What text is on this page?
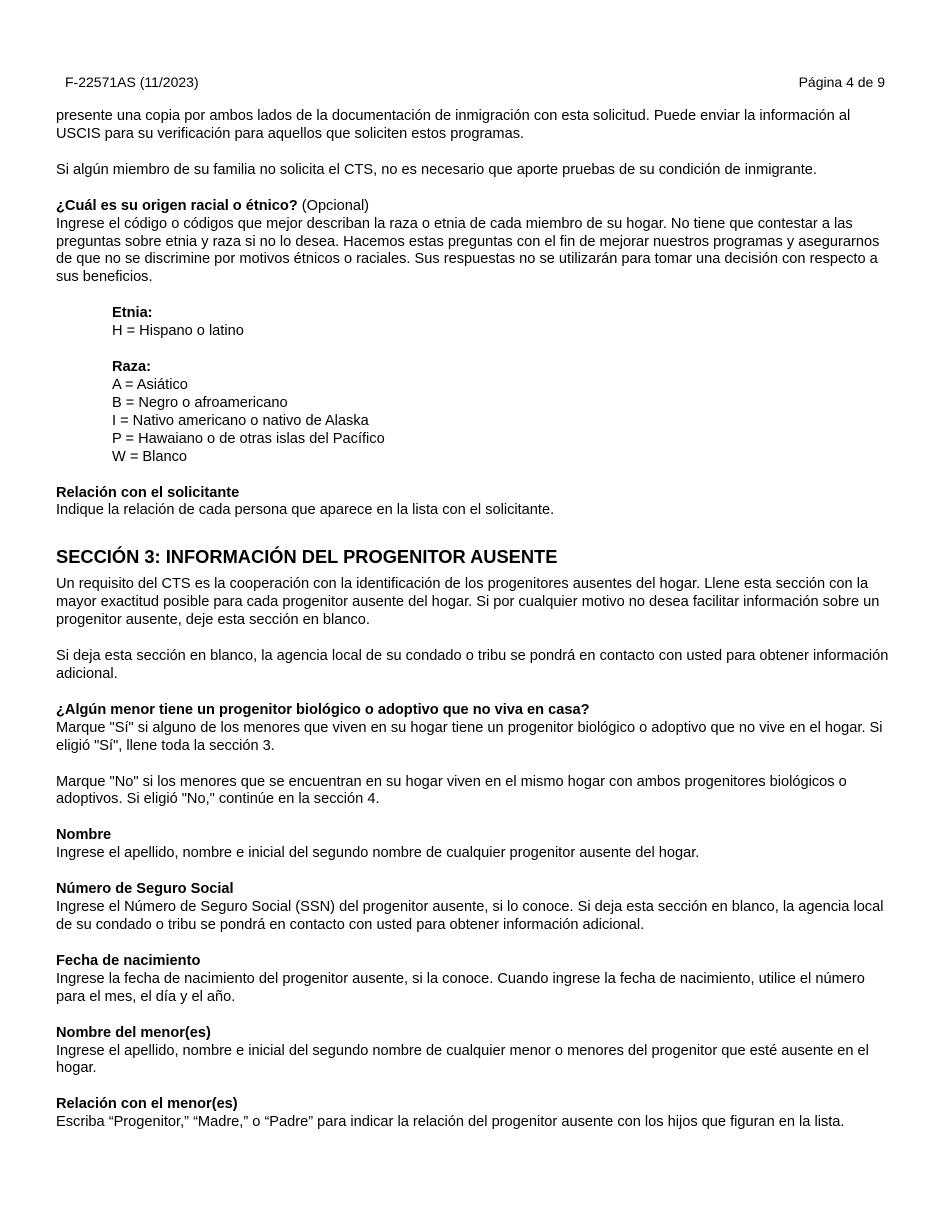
F-22571AS (11/2023)	Página 4 de 9

presente una copia por ambos lados de la documentación de inmigración con esta solicitud. Puede enviar la información al USCIS para su verificación para aquellos que soliciten estos programas.

Si algún miembro de su familia no solicita el CTS, no es necesario que aporte pruebas de su condición de inmigrante.

¿Cuál es su origen racial o étnico? (Opcional)

Ingrese el código o códigos que mejor describan la raza o etnia de cada miembro de su hogar. No tiene que contestar a las preguntas sobre etnia y raza si no lo desea. Hacemos estas preguntas con el fin de mejorar nuestros programas y asegurarnos de que no se discrimine por motivos étnicos o raciales. Sus respuestas no se utilizarán para tomar una decisión con respecto a sus beneficios.

Etnia:

H = Hispano o latino

Raza:

A = Asiático

B = Negro o afroamericano

I = Nativo americano o nativo de Alaska

P = Hawaiano o de otras islas del Pacífico

W = Blanco

Relación con el solicitante

Indique la relación de cada persona que aparece en la lista con el solicitante.

SECCIÓN 3: INFORMACIÓN DEL PROGENITOR AUSENTE

Un requisito del CTS es la cooperación con la identificación de los progenitores ausentes del hogar. Llene esta sección con la mayor exactitud posible para cada progenitor ausente del hogar. Si por cualquier motivo no desea facilitar información sobre un progenitor ausente, deje esta sección en blanco.

Si deja esta sección en blanco, la agencia local de su condado o tribu se pondrá en contacto con usted para obtener información adicional.

¿Algún menor tiene un progenitor biológico o adoptivo que no viva en casa?

Marque "Sí" si alguno de los menores que viven en su hogar tiene un progenitor biológico o adoptivo que no vive en el hogar. Si eligió "Sí", llene toda la sección 3.

Marque "No" si los menores que se encuentran en su hogar viven en el mismo hogar con ambos progenitores biológicos o adoptivos. Si eligió "No," continúe en la sección 4.

Nombre

Ingrese el apellido, nombre e inicial del segundo nombre de cualquier progenitor ausente del hogar.

Número de Seguro Social

Ingrese el Número de Seguro Social (SSN) del progenitor ausente, si lo conoce. Si deja esta sección en blanco, la agencia local de su condado o tribu se pondrá en contacto con usted para obtener información adicional.

Fecha de nacimiento

Ingrese la fecha de nacimiento del progenitor ausente, si la conoce. Cuando ingrese la fecha de nacimiento, utilice el número para el mes, el día y el año.

Nombre del menor(es)

Ingrese el apellido, nombre e inicial del segundo nombre de cualquier menor o menores del progenitor que esté ausente en el hogar.

Relación con el menor(es)

Escriba “Progenitor,” “Madre,” o “Padre” para indicar la relación del progenitor ausente con los hijos que figuran en la lista.
